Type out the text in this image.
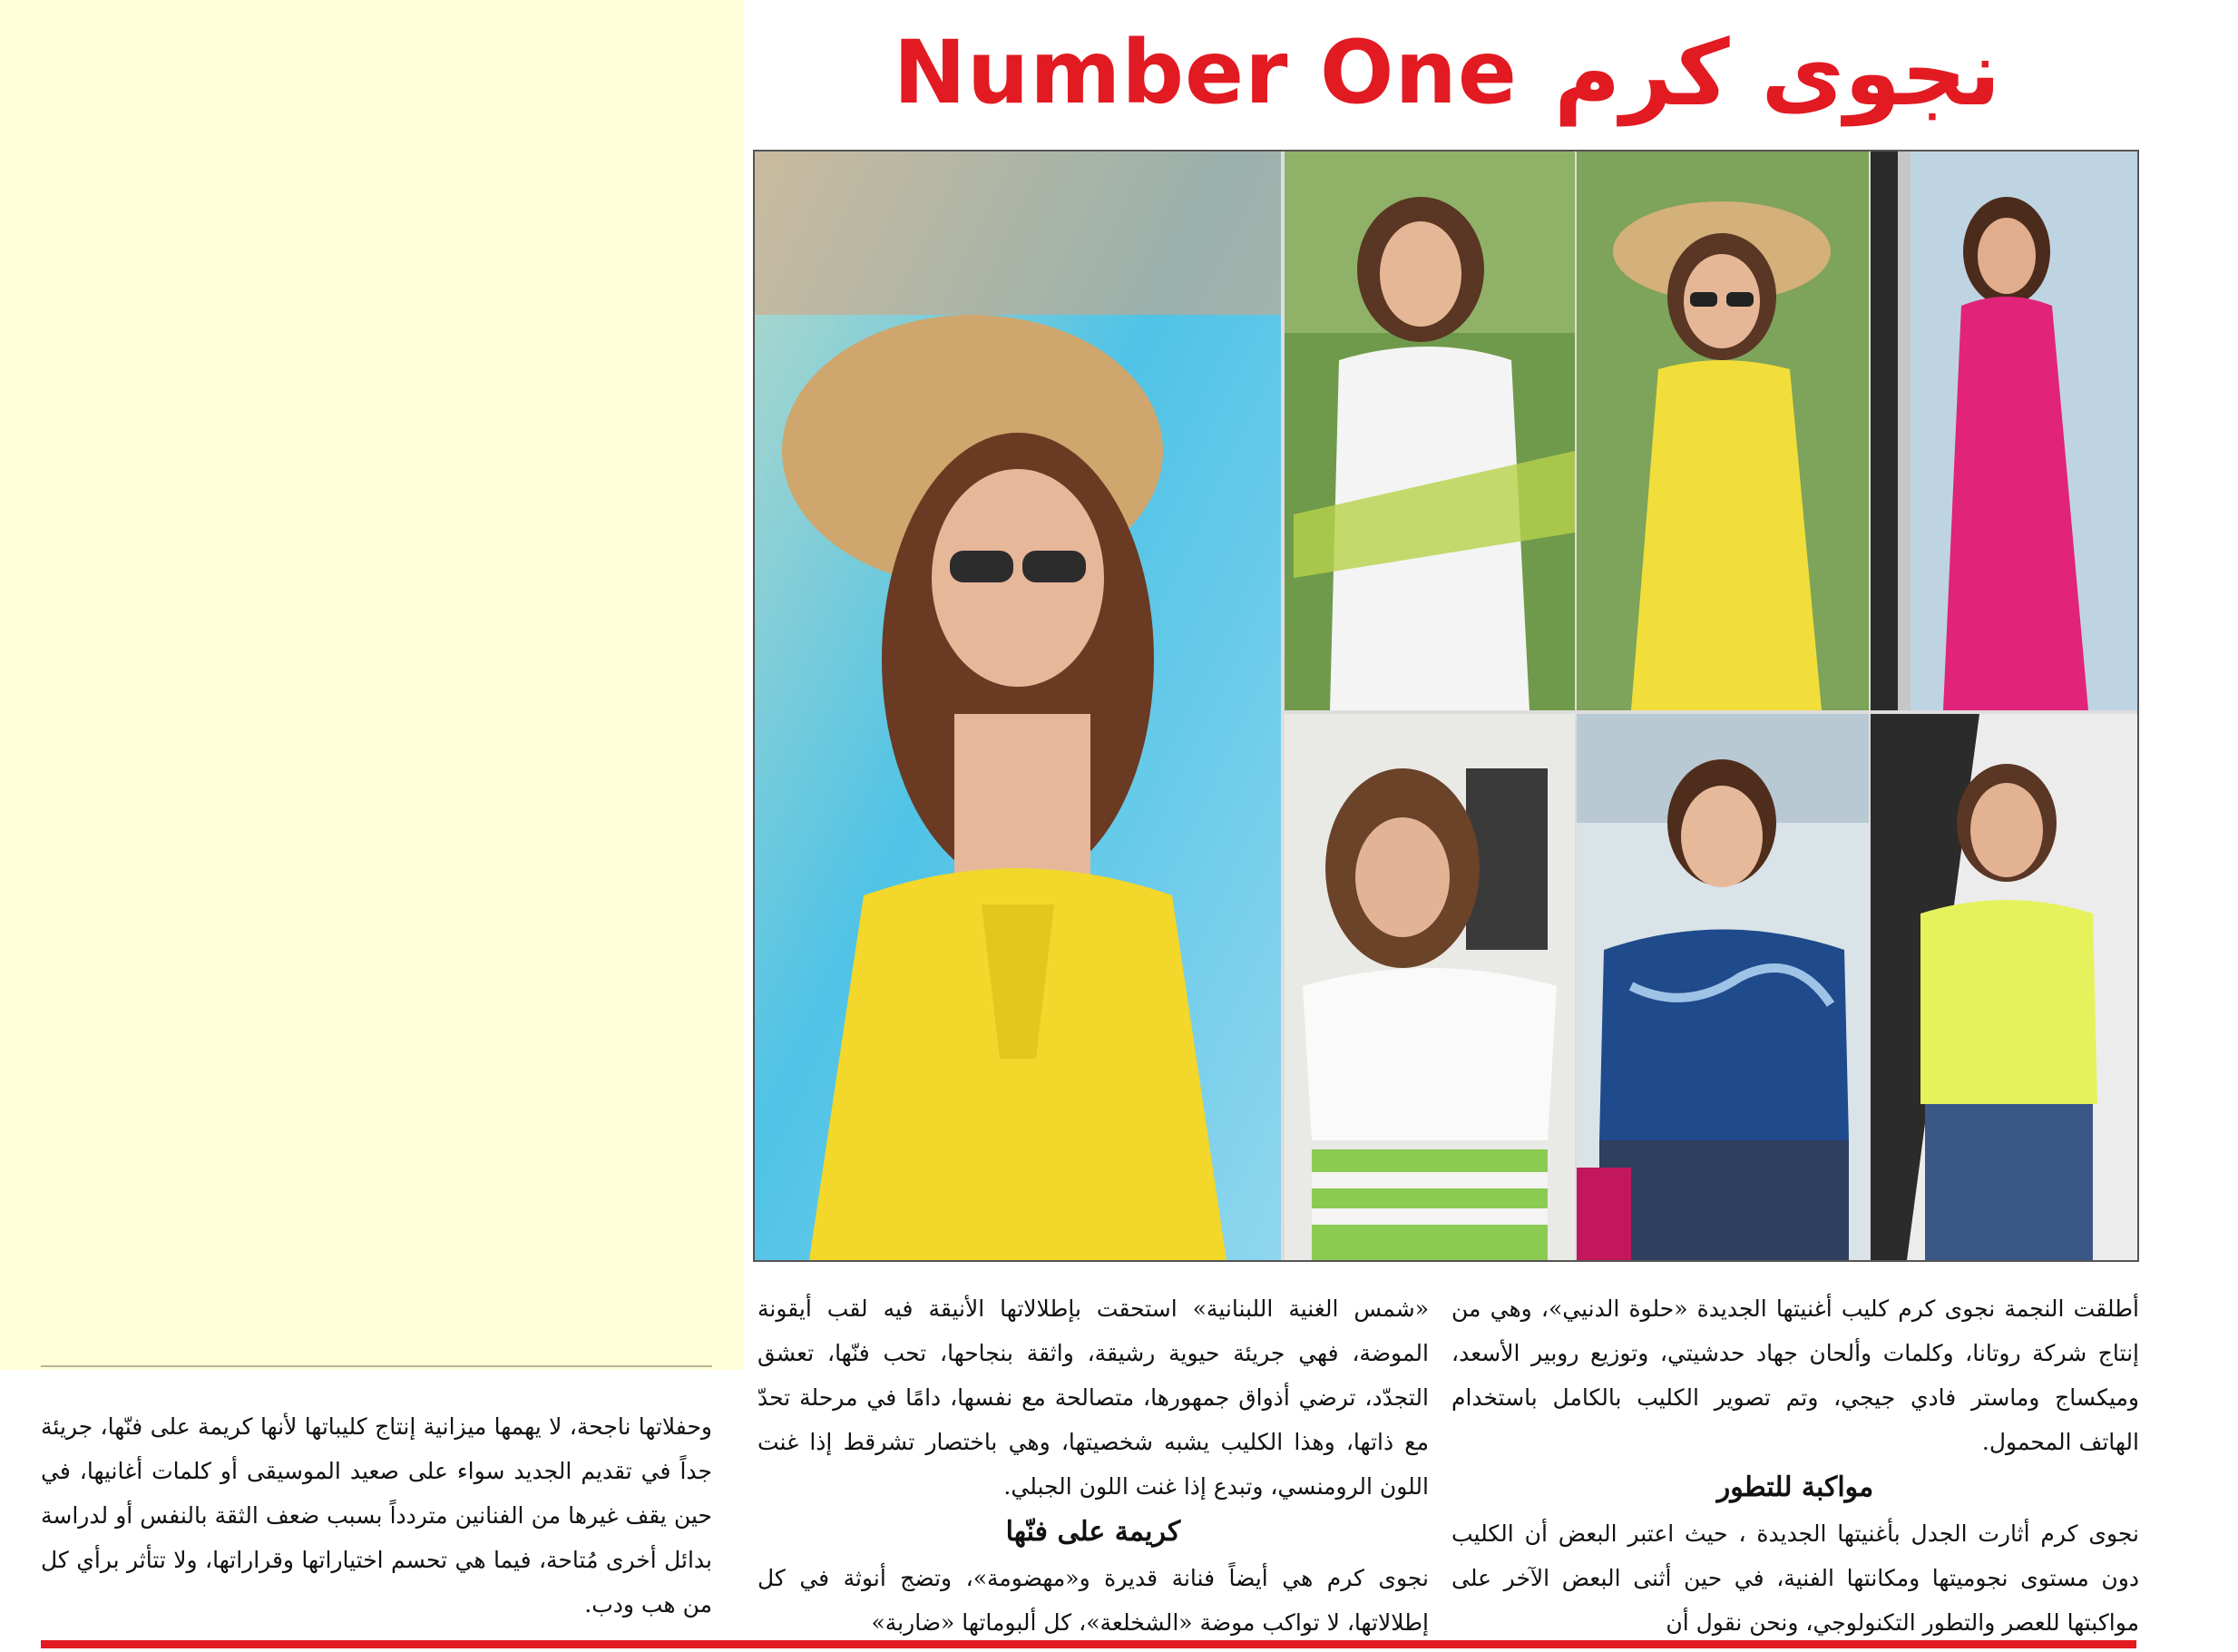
Number One نجوى كرم

أطلقت النجمة نجوى كرم كليب أغنيتها الجديدة «حلوة الدنيي»، وهي من إنتاج شركة روتانا، وكلمات وألحان جهاد حدشيتي، وتوزيع روبير الأسعد، وميكساج وماستر فادي جيجي، وتم تصوير الكليب بالكامل باستخدام الهاتف المحمول.

مواكبة للتطور

نجوى كرم أثارت الجدل بأغنيتها الجديدة ، حيث اعتبر البعض أن الكليب دون مستوى نجوميتها ومكانتها الفنية، في حين أثنى البعض الآخر على مواكبتها للعصر والتطور التكنولوجي، ونحن نقول أن

«شمس الغنية اللبنانية» استحقت بإطلالاتها الأنيقة فيه لقب أيقونة الموضة، فهي جريئة حيوية رشيقة، واثقة بنجاحها، تحب فنّها، تعشق التجدّد، ترضي أذواق جمهورها، متصالحة مع نفسها، دامًا في مرحلة تحدّ مع ذاتها، وهذا الكليب يشبه شخصيتها، وهي باختصار تشرقط إذا غنت اللون الرومنسي، وتبدع إذا غنت اللون الجبلي.

كريمة على فنّها

نجوى كرم هي أيضاً فنانة قديرة و«مهضومة»، وتضج أنوثة في كل إطلالاتها، لا تواكب موضة «الشخلعة»، كل ألبوماتها «ضاربة»

وحفلاتها ناجحة، لا يهمها ميزانية إنتاج كليباتها لأنها كريمة على فنّها، جريئة جداً في تقديم الجديد سواء على صعيد الموسيقى أو كلمات أغانيها، في حين يقف غيرها من الفنانين متردداً بسبب ضعف الثقة بالنفس أو لدراسة بدائل أخرى مُتاحة، فيما هي تحسم اختياراتها وقراراتها، ولا تتأثر برأي كل من هب ودب.
